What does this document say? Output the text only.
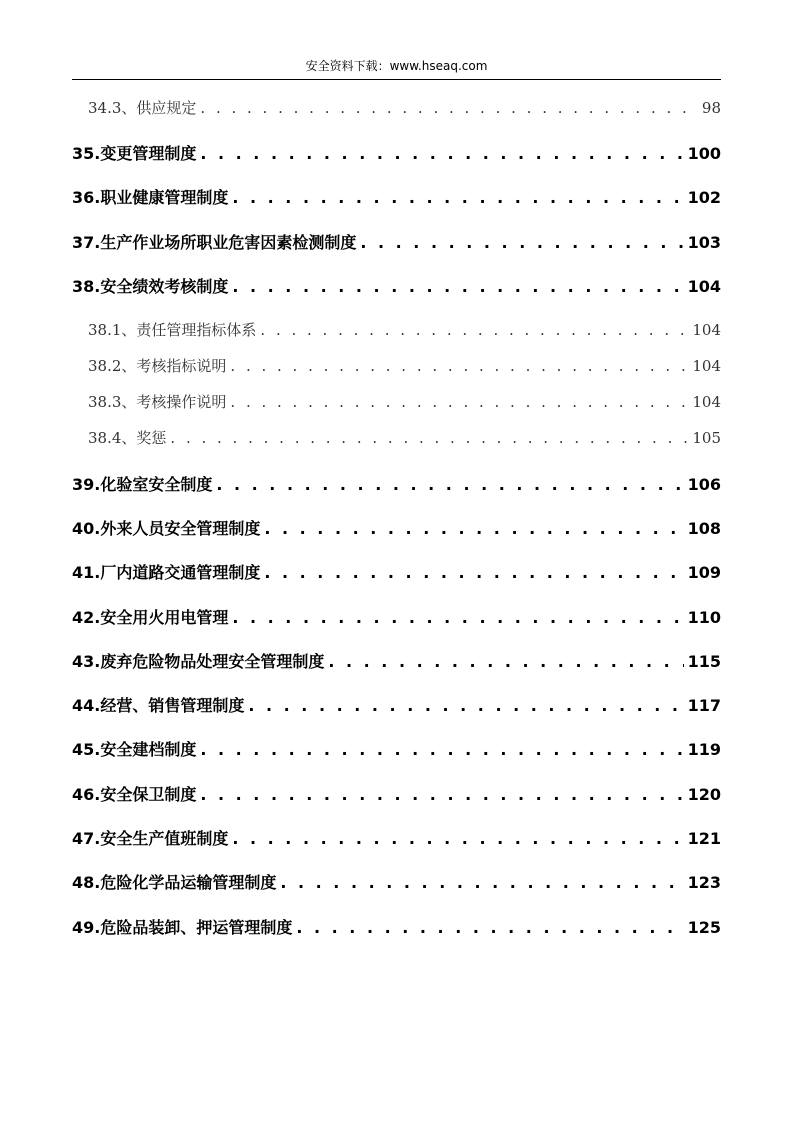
安全资料下载：www.hseaq.com
34.3、供应规定 . . .	98
35.变更管理制度 . . .	100
36.职业健康管理制度 . . .	102
37.生产作业场所职业危害因素检测制度 . . .	103
38.安全绩效考核制度 . . .	104
38.1、责任管理指标体系 . . .	104
38.2、考核指标说明 . . .	104
38.3、考核操作说明 . . .	104
38.4、奖惩 . . .	105
39.化验室安全制度 . . .	106
40.外来人员安全管理制度 . . .	108
41.厂内道路交通管理制度 . . .	109
42.安全用火用电管理 . . .	110
43.废弃危险物品处理安全管理制度 . . .	115
44.经营、销售管理制度 . . .	117
45.安全建档制度 . . .	119
46.安全保卫制度 . . .	120
47.安全生产值班制度 . . .	121
48.危险化学品运输管理制度 . . .	123
49.危险品装卸、押运管理制度 . . .	125
